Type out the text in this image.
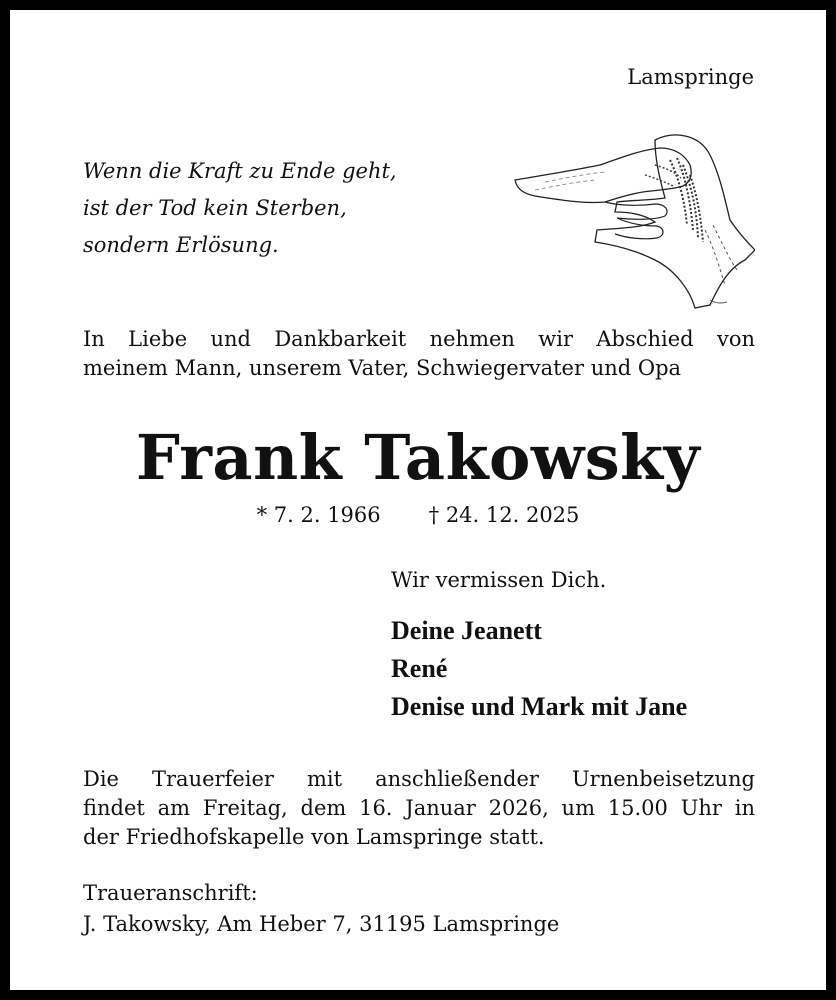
Lamspringe
Wenn die Kraft zu Ende geht,
ist der Tod kein Sterben,
sondern Erlösung.
In Liebe und Dankbarkeit nehmen wir Abschied von
meinem Mann, unserem Vater, Schwiegervater und Opa
Frank Takowsky
* 7. 2. 1966 † 24. 12. 2025
Wir vermissen Dich.
Deine Jeanett
René
Denise und Mark mit Jane
Die Trauerfeier mit anschließender Urnenbeisetzung
findet am Freitag, dem 16. Januar 2026, um 15.00 Uhr in
der Friedhofskapelle von Lamspringe statt.
Traueranschrift:
J. Takowsky, Am Heber 7, 31195 Lamspringe
